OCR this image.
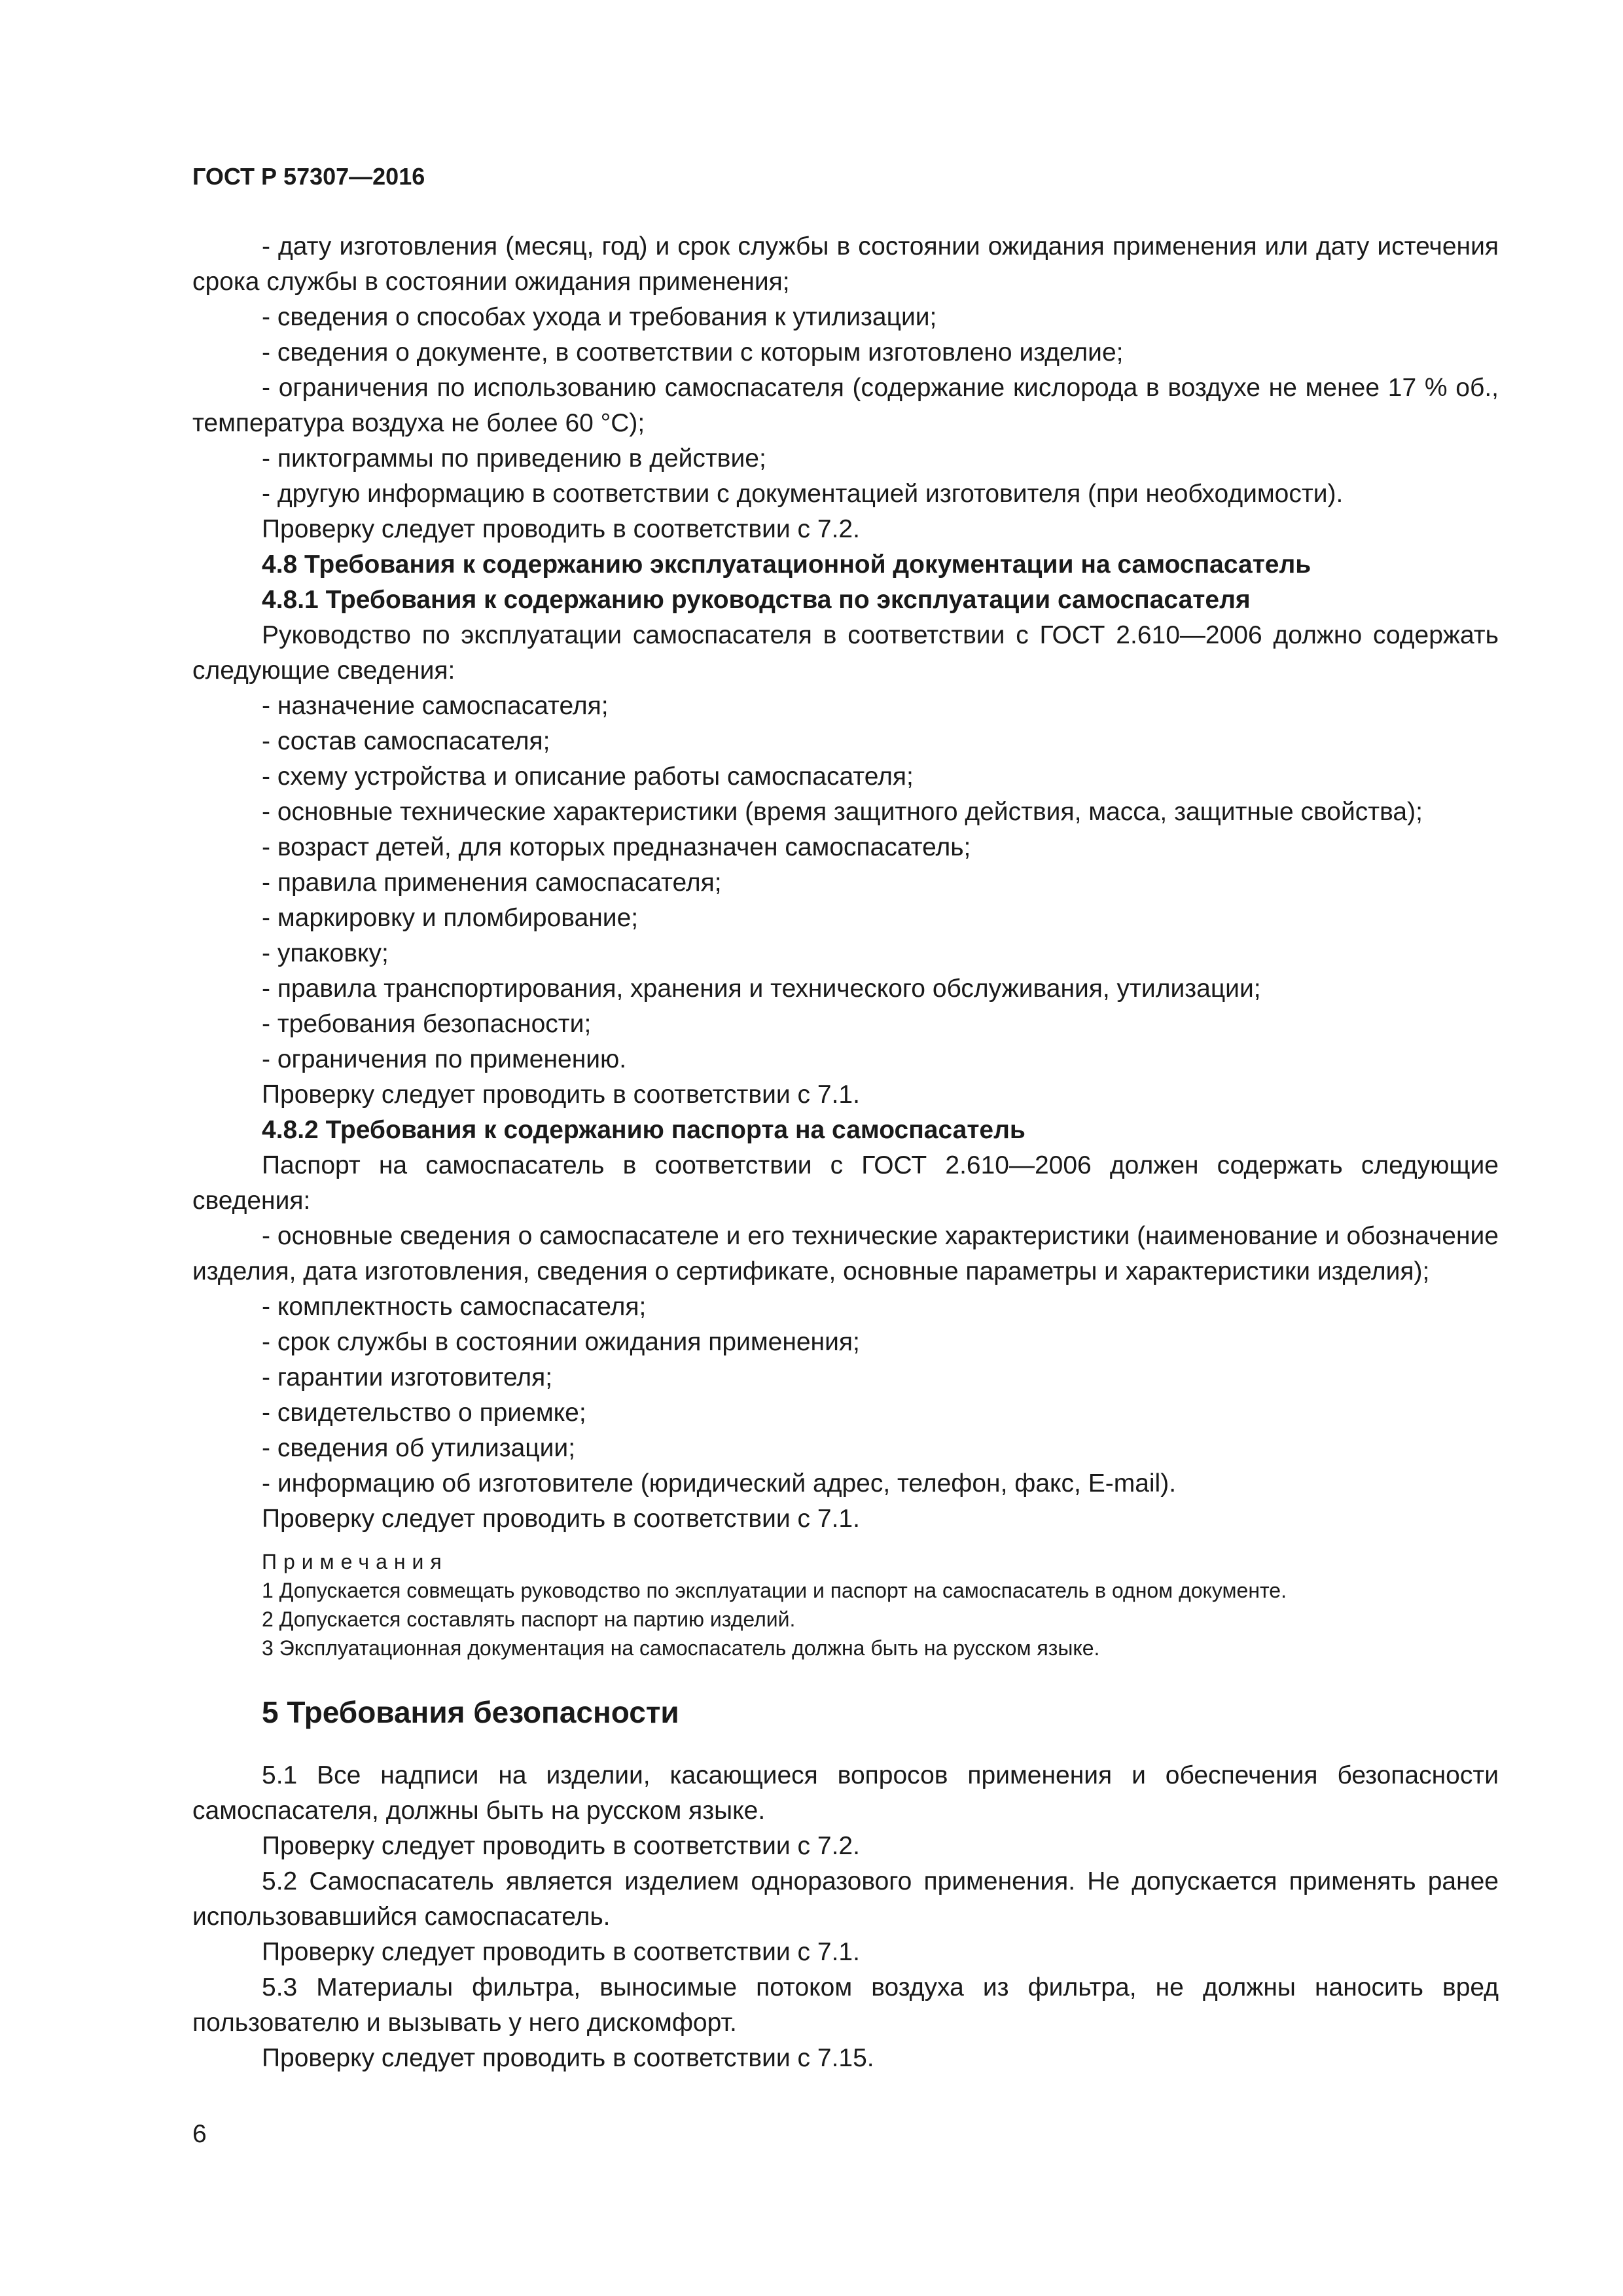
ГОСТ Р 57307—2016

- дату изготовления (месяц, год) и срок службы в состоянии ожидания применения или дату истечения срока службы в состоянии ожидания применения;

- сведения о способах ухода и требования к утилизации;

- сведения о документе, в соответствии с которым изготовлено изделие;

- ограничения по использованию самоспасателя (содержание кислорода в воздухе не менее 17 % об., температура воздуха не более 60 °С);

- пиктограммы по приведению в действие;

- другую информацию в соответствии с документацией изготовителя (при необходимости).

Проверку следует проводить в соответствии с 7.2.

4.8 Требования к содержанию эксплуатационной документации на самоспасатель

4.8.1 Требования к содержанию руководства по эксплуатации самоспасателя

Руководство по эксплуатации самоспасателя в соответствии с ГОСТ 2.610—2006 должно содержать следующие сведения:

- назначение самоспасателя;

- состав самоспасателя;

- схему устройства и описание работы самоспасателя;

- основные технические характеристики (время защитного действия, масса, защитные свойства);

- возраст детей, для которых предназначен самоспасатель;

- правила применения самоспасателя;

- маркировку и пломбирование;

- упаковку;

- правила транспортирования, хранения и технического обслуживания, утилизации;

- требования безопасности;

- ограничения по применению.

Проверку следует проводить в соответствии с 7.1.

4.8.2 Требования к содержанию паспорта на самоспасатель

Паспорт на самоспасатель в соответствии с ГОСТ 2.610—2006 должен содержать следующие сведения:

- основные сведения о самоспасателе и его технические характеристики (наименование и обозначение изделия, дата изготовления, сведения о сертификате, основные параметры и характеристики изделия);

- комплектность самоспасателя;

- срок службы в состоянии ожидания применения;

- гарантии изготовителя;

- свидетельство о приемке;

- сведения об утилизации;

- информацию об изготовителе (юридический адрес, телефон, факс, E-mail).

Проверку следует проводить в соответствии с 7.1.

Примечания
1 Допускается совмещать руководство по эксплуатации и паспорт на самоспасатель в одном документе.
2 Допускается составлять паспорт на партию изделий.
3 Эксплуатационная документация на самоспасатель должна быть на русском языке.
5 Требования безопасности

5.1 Все надписи на изделии, касающиеся вопросов применения и обеспечения безопасности самоспасателя, должны быть на русском языке.

Проверку следует проводить в соответствии с 7.2.

5.2 Самоспасатель является изделием одноразового применения. Не допускается применять ранее использовавшийся самоспасатель.

Проверку следует проводить в соответствии с 7.1.

5.3 Материалы фильтра, выносимые потоком воздуха из фильтра, не должны наносить вред пользователю и вызывать у него дискомфорт.

Проверку следует проводить в соответствии с 7.15.

6
